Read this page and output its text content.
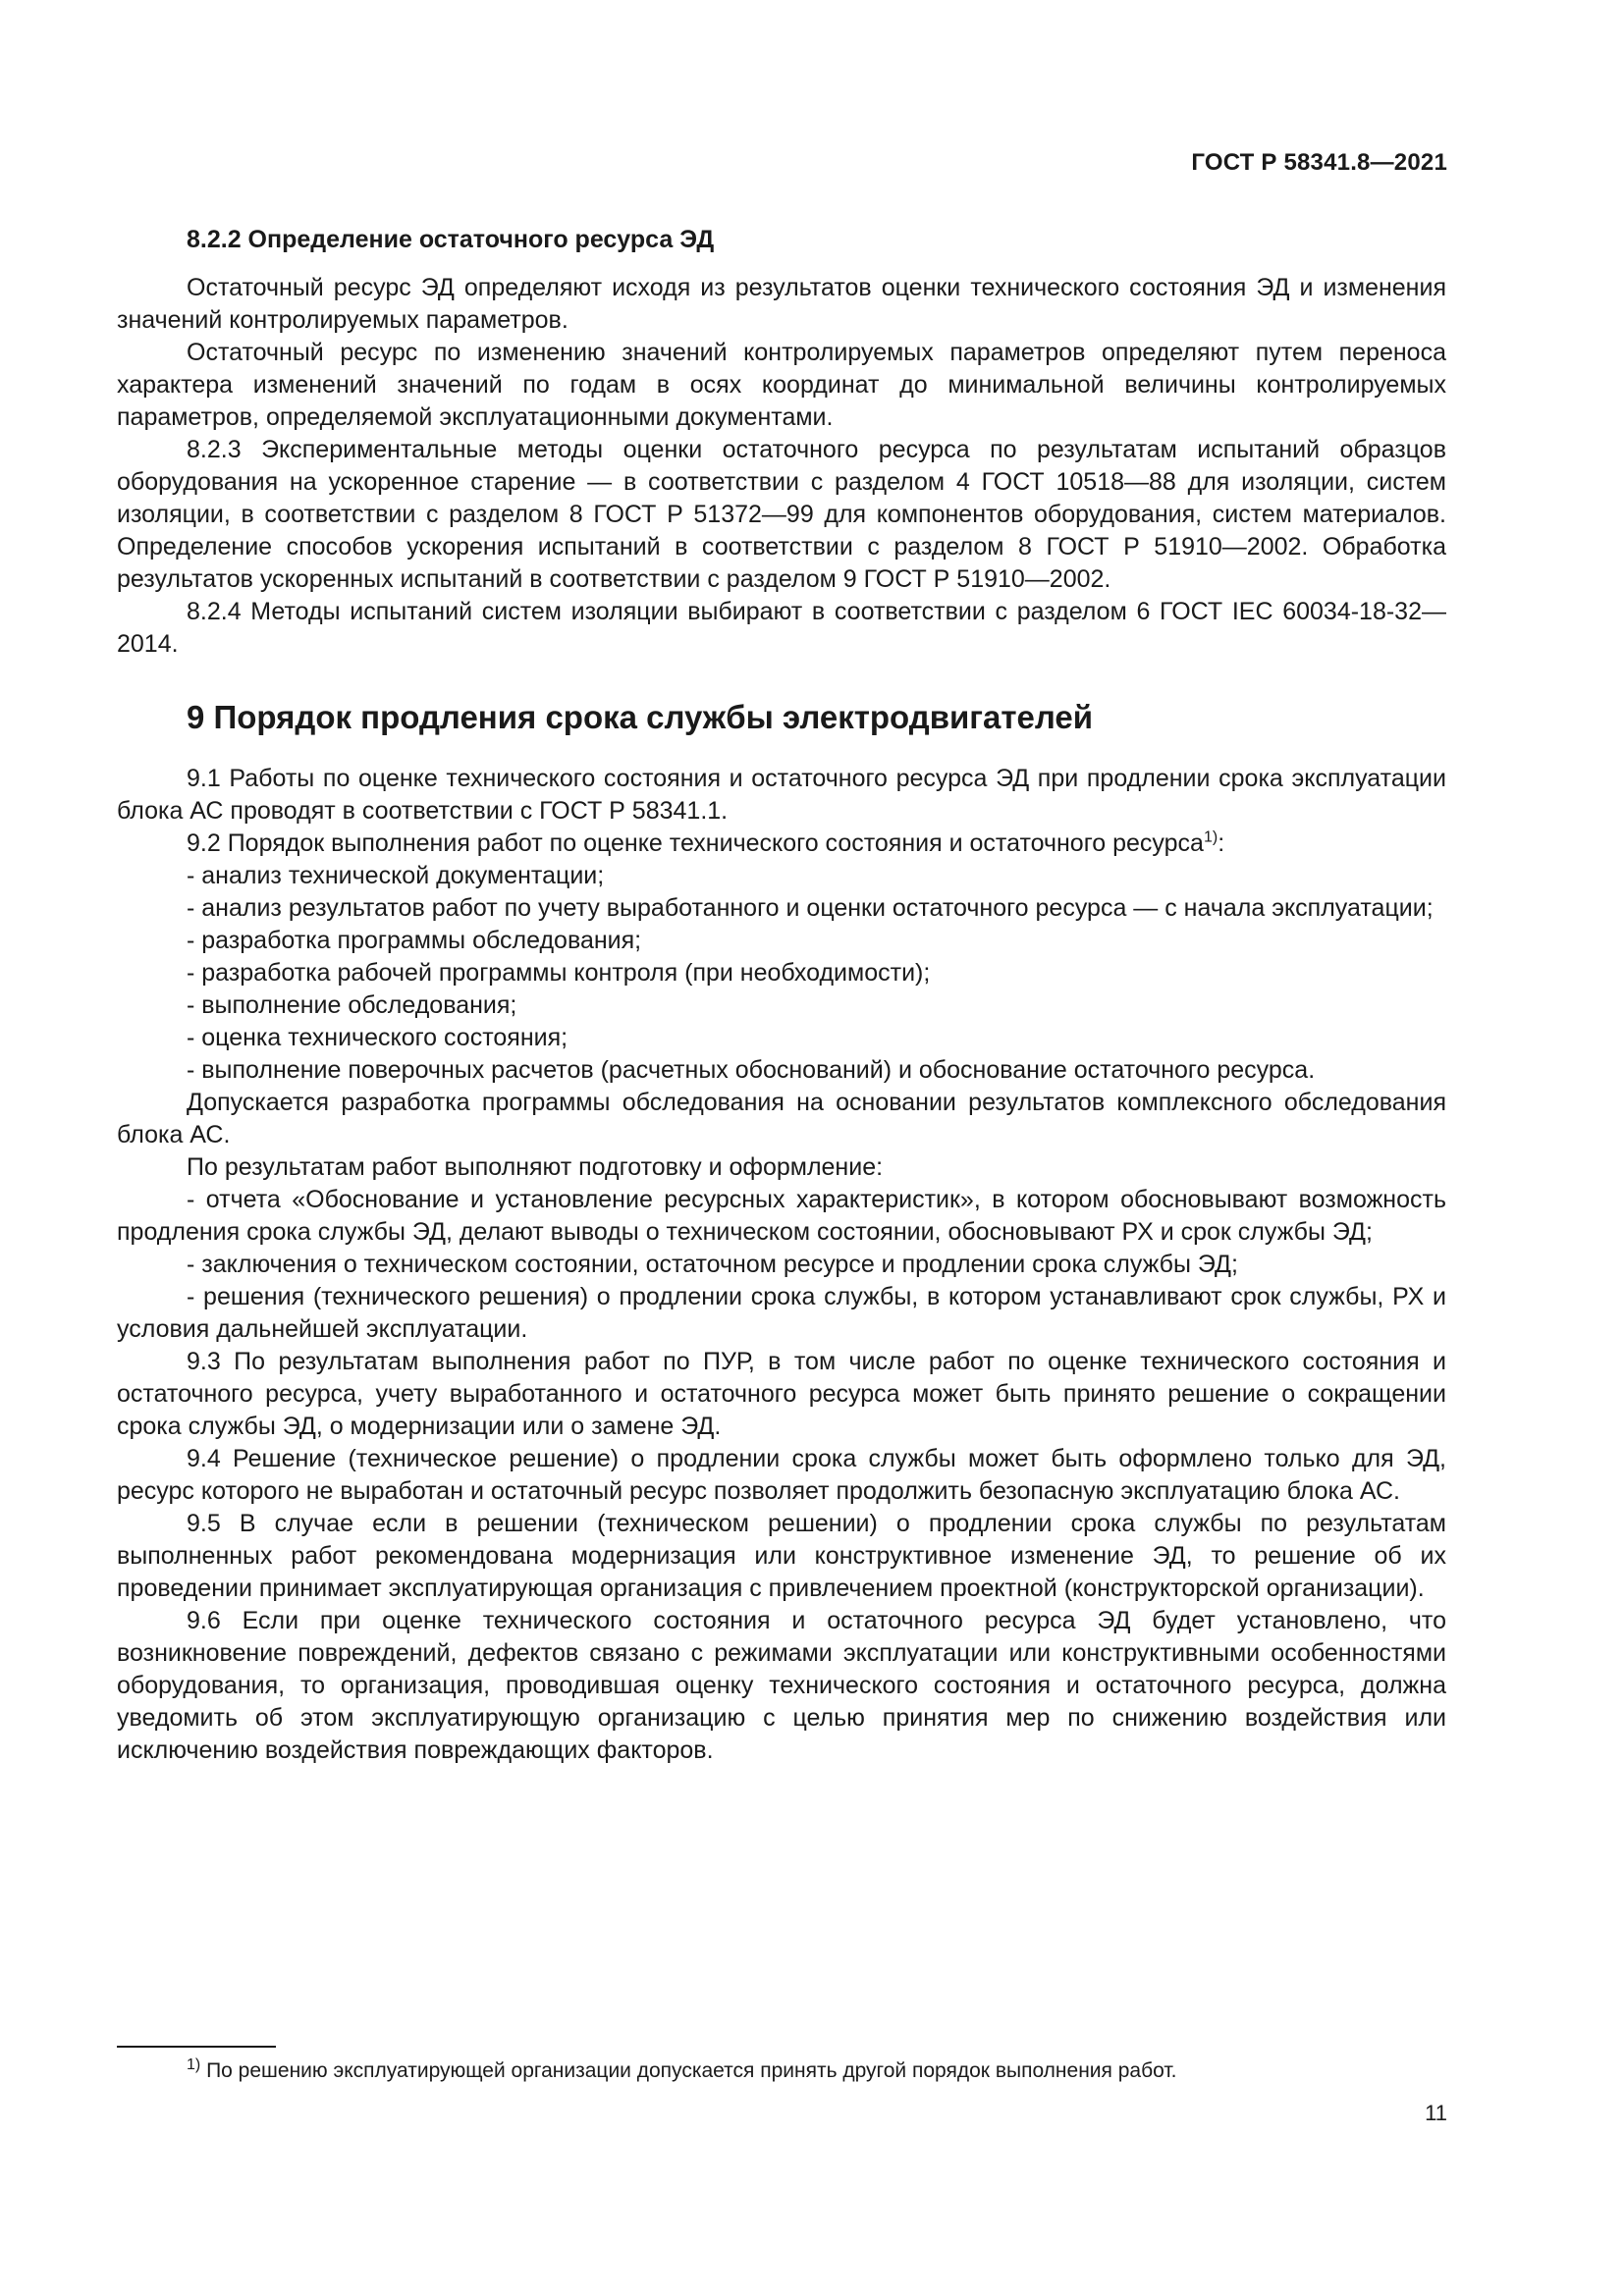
ГОСТ Р 58341.8—2021
8.2.2 Определение остаточного ресурса ЭД

Остаточный ресурс ЭД определяют исходя из результатов оценки технического состояния ЭД и изменения значений контролируемых параметров.

Остаточный ресурс по изменению значений контролируемых параметров определяют путем переноса характера изменений значений по годам в осях координат до минимальной величины контролируемых параметров, определяемой эксплуатационными документами.

8.2.3 Экспериментальные методы оценки остаточного ресурса по результатам испытаний образцов оборудования на ускоренное старение — в соответствии с разделом 4 ГОСТ 10518—88 для изоляции, систем изоляции, в соответствии с разделом 8 ГОСТ Р 51372—99 для компонентов оборудования, систем материалов. Определение способов ускорения испытаний в соответствии с разделом 8 ГОСТ Р 51910—2002. Обработка результатов ускоренных испытаний в соответствии с разделом 9 ГОСТ Р 51910—2002.

8.2.4 Методы испытаний систем изоляции выбирают в соответствии с разделом 6 ГОСТ IEC 60034-18-32—2014.

9 Порядок продления срока службы электродвигателей

9.1 Работы по оценке технического состояния и остаточного ресурса ЭД при продлении срока эксплуатации блока АС проводят в соответствии с ГОСТ Р 58341.1.

9.2 Порядок выполнения работ по оценке технического состояния и остаточного ресурса$^{1)}$:

- анализ технической документации;

- анализ результатов работ по учету выработанного и оценки остаточного ресурса — с начала эксплуатации;

- разработка программы обследования;

- разработка рабочей программы контроля (при необходимости);

- выполнение обследования;

- оценка технического состояния;

- выполнение поверочных расчетов (расчетных обоснований) и обоснование остаточного ресурса.

Допускается разработка программы обследования на основании результатов комплексного обследования блока АС.

По результатам работ выполняют подготовку и оформление:

- отчета «Обоснование и установление ресурсных характеристик», в котором обосновывают возможность продления срока службы ЭД, делают выводы о техническом состоянии, обосновывают РХ и срок службы ЭД;

- заключения о техническом состоянии, остаточном ресурсе и продлении срока службы ЭД;

- решения (технического решения) о продлении срока службы, в котором устанавливают срок службы, РХ и условия дальнейшей эксплуатации.

9.3 По результатам выполнения работ по ПУР, в том числе работ по оценке технического состояния и остаточного ресурса, учету выработанного и остаточного ресурса может быть принято решение о сокращении срока службы ЭД, о модернизации или о замене ЭД.

9.4 Решение (техническое решение) о продлении срока службы может быть оформлено только для ЭД, ресурс которого не выработан и остаточный ресурс позволяет продолжить безопасную эксплуатацию блока АС.

9.5 В случае если в решении (техническом решении) о продлении срока службы по результатам выполненных работ рекомендована модернизация или конструктивное изменение ЭД, то решение об их проведении принимает эксплуатирующая организация с привлечением проектной (конструкторской организации).

9.6 Если при оценке технического состояния и остаточного ресурса ЭД будет установлено, что возникновение повреждений, дефектов связано с режимами эксплуатации или конструктивными особенностями оборудования, то организация, проводившая оценку технического состояния и остаточного ресурса, должна уведомить об этом эксплуатирующую организацию с целью принятия мер по снижению воздействия или исключению воздействия повреждающих факторов.

$^{1)}$ По решению эксплуатирующей организации допускается принять другой порядок выполнения работ.
11
